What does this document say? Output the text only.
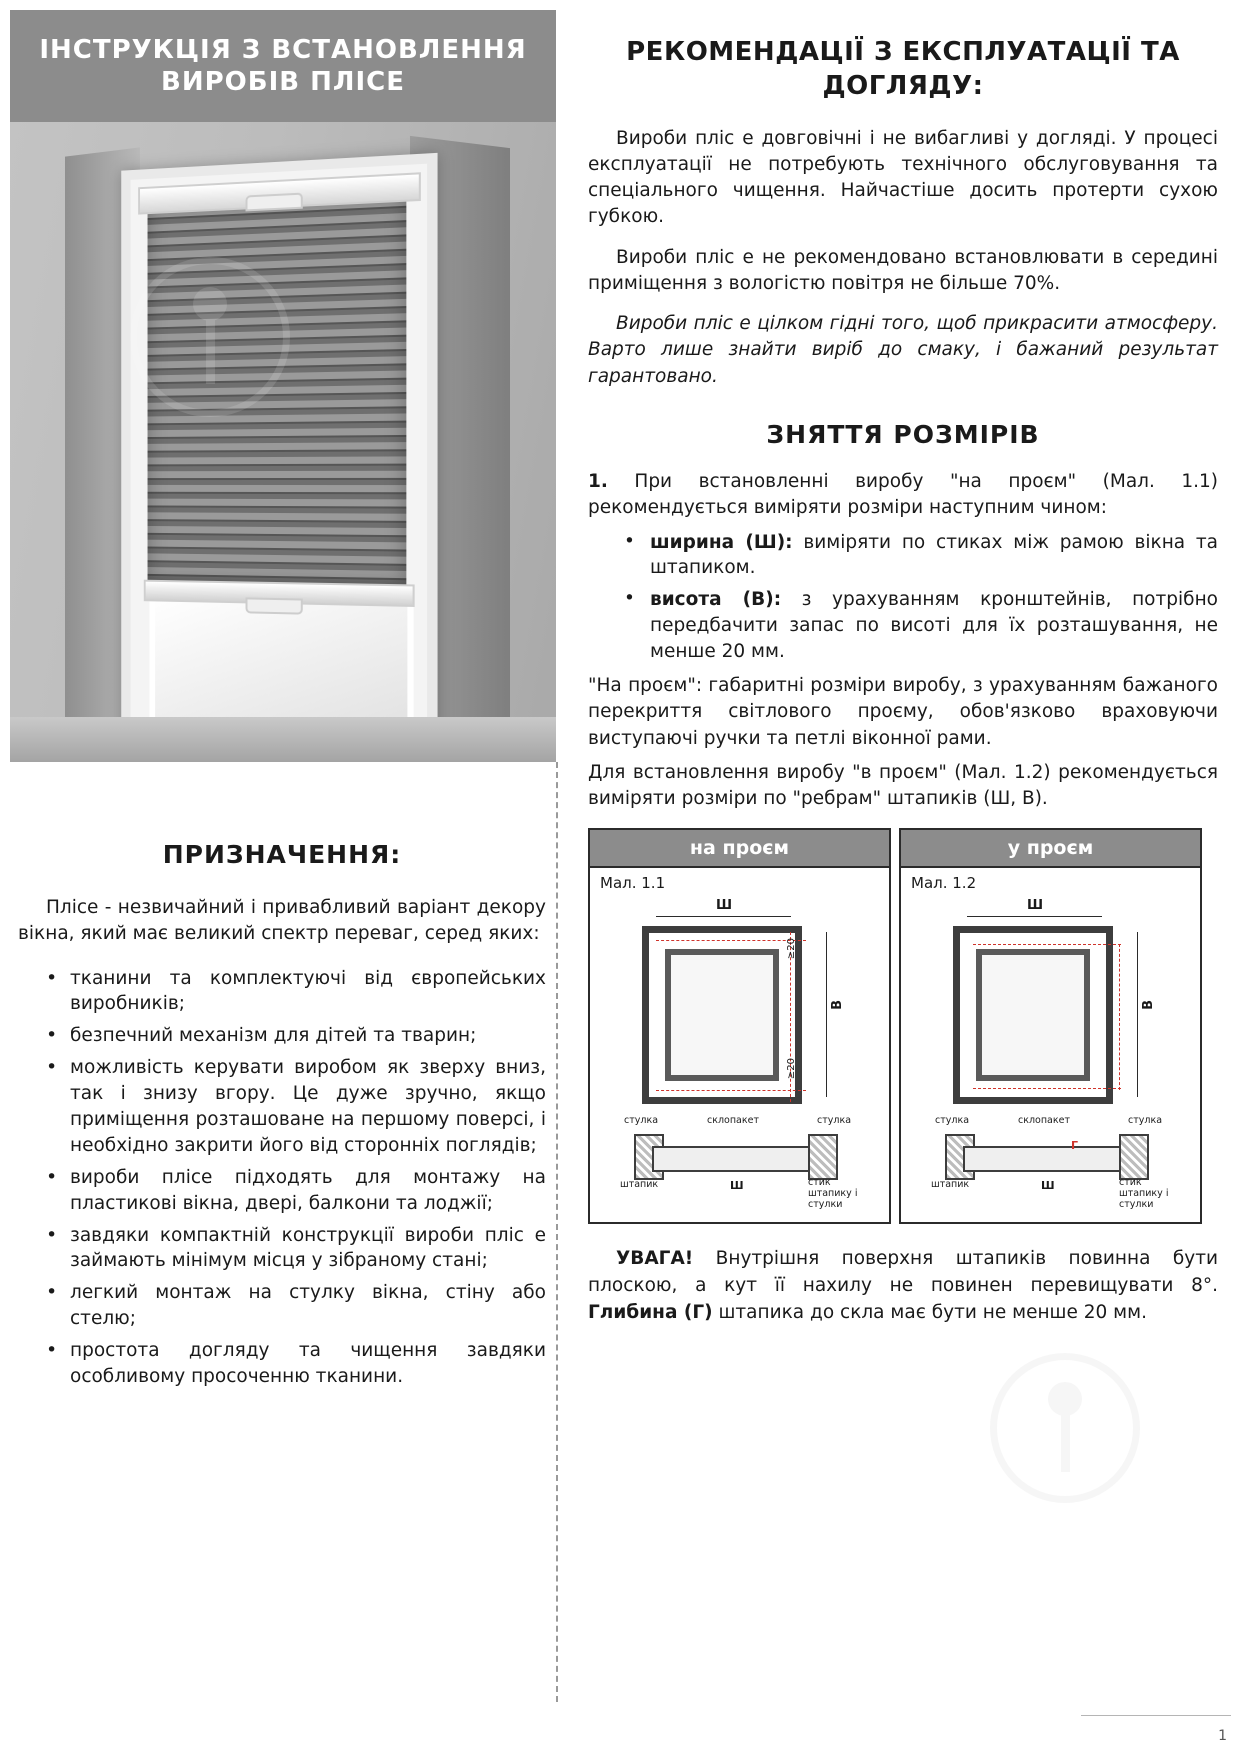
ІНСТРУКЦІЯ З ВСТАНОВЛЕННЯ ВИРОБІВ ПЛІСЕ
ПРИЗНАЧЕННЯ:

Плісе - незвичайний і привабливий варіант декору вікна, який має великий спектр переваг, серед яких:

• тканини та комплектуючі від європейських виробників;
• безпечний механізм для дітей та тварин;
• можливість керувати виробом як зверху вниз, так і знизу вгору. Це дуже зручно, якщо приміщення розташоване на першому поверсі, і необхідно закрити його від сторонніх поглядів;
• вироби плісе підходять для монтажу на пластикові вікна, двері, балкони та лоджії;
• завдяки компактній конструкції вироби пліс е займають мінімум місця у зібраному стані;
• легкий монтаж на стулку вікна, стіну або стелю;
• простота догляду та чищення завдяки особливому просоченню тканини.
РЕКОМЕНДАЦІЇ З ЕКСПЛУАТАЦІЇ ТА ДОГЛЯДУ:

Вироби пліс е довговічні і не вибагливі у догляді. У процесі експлуатації не потребують технічного обслуговування та спеціального чищення. Найчастіше досить протерти сухою губкою.

Вироби пліс е не рекомендовано встановлювати в середині приміщення з вологістю повітря не більше 70%.

Вироби пліс е цілком гідні того, щоб прикрасити атмосферу. Варто лише знайти виріб до смаку, і бажаний результат гарантовано.

ЗНЯТТЯ РОЗМІРІВ

1. При встановленні виробу "на проєм" (Мал. 1.1) рекомендується виміряти розміри наступним чином:

• ширина (Ш): виміряти по стиках між рамою вікна та штапиком.
• висота (В): з урахуванням кронштейнів, потрібно передбачити запас по висоті для їх розташування, не менше 20 мм.

"На проєм": габаритні розміри виробу, з урахуванням бажаного перекриття світлового проєму, обов'язково враховуючи виступаючі ручки та петлі віконної рами.

Для встановлення виробу "в проєм" (Мал. 1.2) рекомендується виміряти розміри по "ребрам" штапиків (Ш, В).

на проєм
Мал. 1.1
Ш
В
≥20
≥20
стулка	склопакет	стулка
штапик	Ш	стик штапику і стулки
у проєм
Мал. 1.2
Ш
В
стулка	склопакет	стулка
штапик	Ш	стик штапику і стулки
Г

УВАГА! Внутрішня поверхня штапиків повинна бути плоскою, а кут її нахилу не повинен перевищувати 8°. Глибина (Г) штапика до скла має бути не менше 20 мм.

1
